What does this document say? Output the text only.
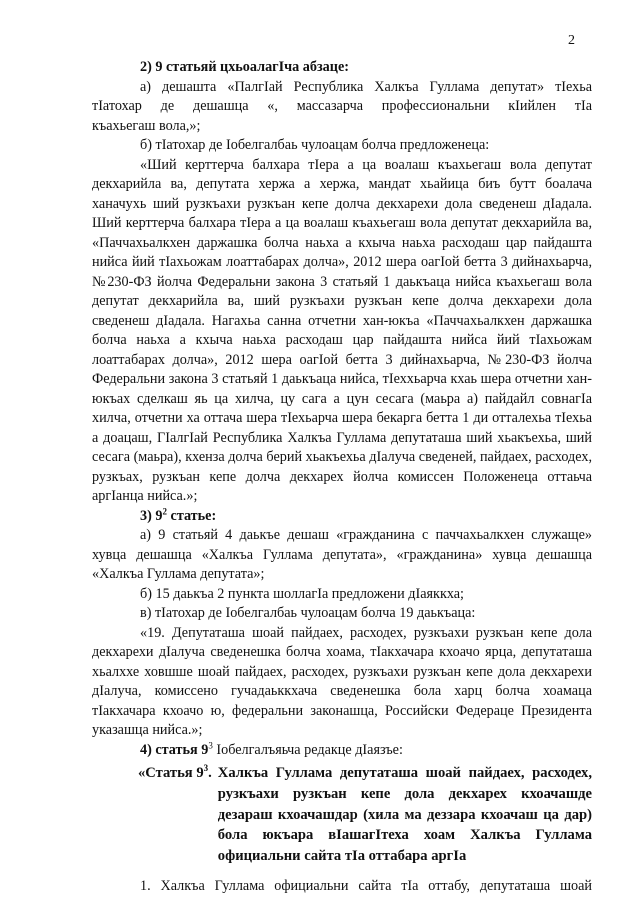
2

2) 9 статьяй цхьоалагӀча абзаце:

а) дешашта «ПалгӀай Республика Халкъа Гуллама депутат» тӀехьа

тӀатохар де дешашца «, массазарча профессиональни кӀийлен тӀа

къахьегаш вола,»;

б) тӀатохар де Ӏобелгалбаь чулоацам болча предложенеца:

«Ший керттерча балхара тӀера а ца воалаш къахьегаш вола депутат декхарийла ва, депутата хержа а хержа, мандат хьайица биъ бутт боалача ханачухь ший рузкъахи рузкъан кепе долча декхарехи дола сведенеш дӀадала. Ший керттерча балхара тӀера а ца воалаш къахьегаш вола депутат декхарийла ва, «Паччахьалкхен даржашка болча наьха а кхыча наьха расходаш цар пайдашта нийса йий тӀахьожам лоаттабарах долча», 2012 шера оагӀой бетта 3 дийнахьарча, №230-ФЗ йолча Федеральни закона 3 статьяй 1 даькъаца нийса къахьегаш вола депутат декхарийла ва, ший рузкъахи рузкъан кепе долча декхарехи дола сведенеш дӀадала. Нагахьа санна отчетни хан-юкъа «Паччахьалкхен даржашка болча наьха а кхыча наьха расходаш цар пайдашта нийса йий тӀахьожам лоаттабарах долча», 2012 шера оагӀой бетта 3 дийнахьарча, №230-ФЗ йолча Федеральни закона 3 статьяй 1 даькъаца нийса, тӀеххьарча кхаь шера отчетни хан-юкъах сделкаш яь ца хилча, цу сага а цун сесага (маьра а) пайдайл совнагӀа хилча, отчетни ха оттача шера тӀехьарча шера бекарга бетта 1 ди отталехьа тӀехьа а доацаш, ГӀалгӀай Республика Халкъа Гуллама депутаташа ший хьакъехьа, ший сесага (маьра), кхенза долча берий хьакъехьа дӀалуча сведеней, пайдаех, расходех, рузкъах, рузкъан кепе долча декхарех йолча комиссен Положенеца оттаьча аргӀанца нийса.»;

3) $9^2$ статье:

а) 9 статьяй 4 даькъе дешаш «гражданина с паччахьалкхен служаще» хувца дешашца «Халкъа Гуллама депутата», «гражданина» хувца дешашца «Халкъа Гуллама депутата»;

б) 15 даькъа 2 пункта шоллагӀа предложени дӀаяккха;

в) тӀатохар де Ӏобелгалбаь чулоацам болча 19 даькъаца:

«19. Депутаташа шоай пайдаех, расходех, рузкъахи рузкъан кепе дола декхарехи дӀалуча сведенешка болча хоама, тӀакхачара кхоачо ярца, депутаташа хьалххе ховшше шоай пайдаех, расходех, рузкъахи рузкъан кепе дола декхарехи дӀалуча, комиссено гучадаьккхача сведенешка бола харц болча хоамаца тӀакхачара кхоачо ю, федеральни законашца, Российски Федераце Президента указашца нийса.»;

4) статья $9^3$ Ӏобелгалъяьча редакце дӀаязъе:

«Статья $9^3$. Халкъа Гуллама депутаташа шоай пайдаех, расходех, рузкъахи рузкъан кепе дола декхарех кхоачашде дезараш кхоачашдар (хила ма деззара кхоачаш ца дар) бола юкъара вӀашагӀтеха хоам Халкъа Гуллама официальни сайта тӀа оттабара аргӀа

1. Халкъа Гуллама официальни сайта тӀа оттабу, депутаташа шоай
